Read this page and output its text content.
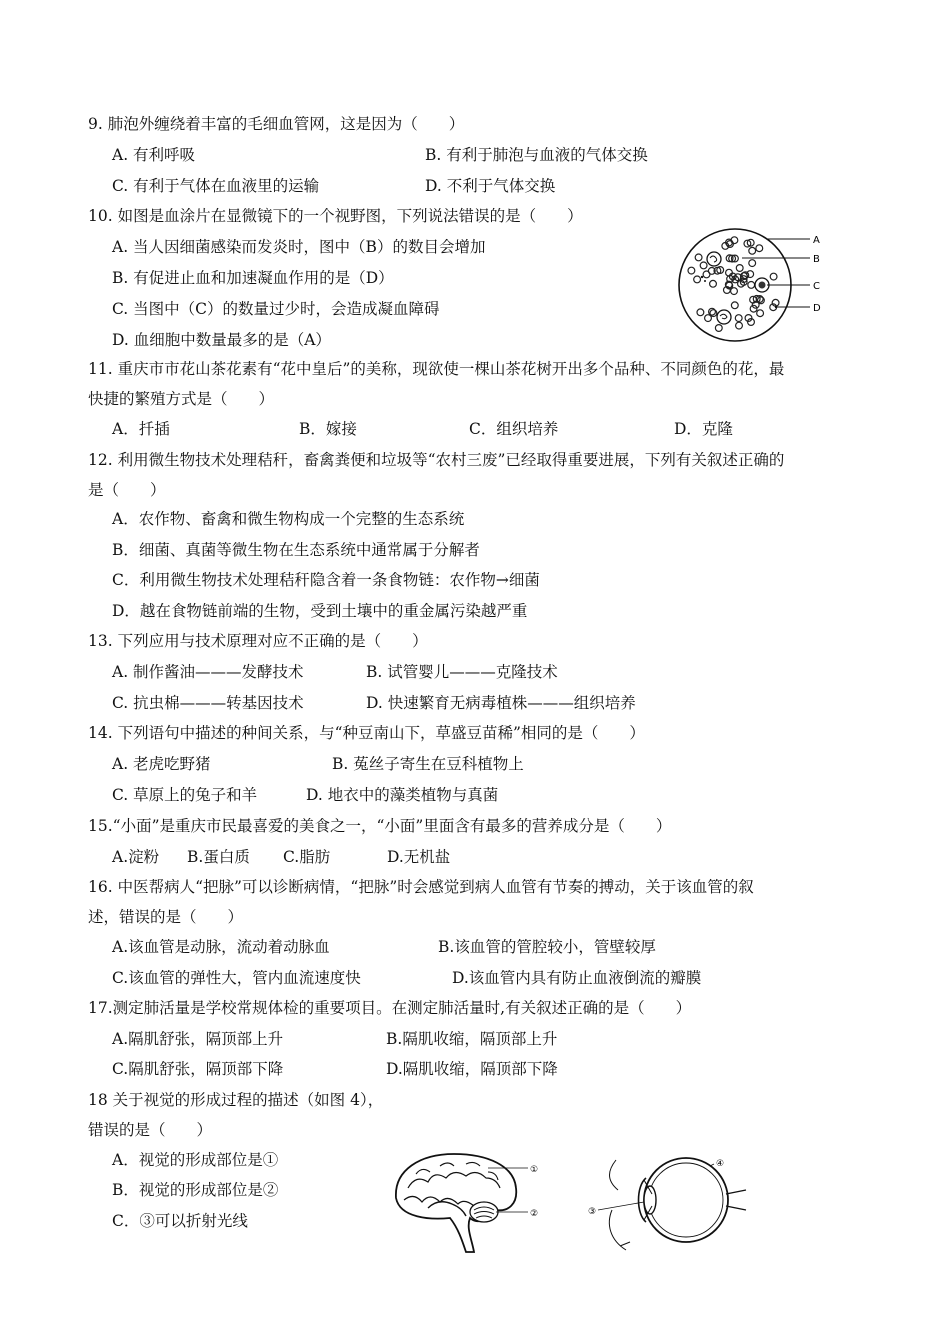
9. 肺泡外缠绕着丰富的毛细血管网，这是因为（　　）
A. 有利呼吸	B. 有利于肺泡与血液的气体交换
C. 有利于气体在血液里的运输	D. 不利于气体交换
10. 如图是血涂片在显微镜下的一个视野图，下列说法错误的是（　　）
A. 当人因细菌感染而发炎时，图中（B）的数目会增加
B. 有促进止血和加速凝血作用的是（D）
C. 当图中（C）的数量过少时，会造成凝血障碍
D. 血细胞中数量最多的是（A）
A
B
C
D
11. 重庆市市花山茶花素有“花中皇后”的美称，现欲使一棵山茶花树开出多个品种、不同颜色的花，最
快捷的繁殖方式是（　　）
A．扦插	B．嫁接	C．组织培养	D．克隆
12. 利用微生物技术处理秸秆，畜禽粪便和垃圾等“农村三废”已经取得重要进展，下列有关叙述正确的
是（　　）
A．农作物、畜禽和微生物构成一个完整的生态系统
B．细菌、真菌等微生物在生态系统中通常属于分解者
C．利用微生物技术处理秸秆隐含着一条食物链：农作物→细菌
D．越在食物链前端的生物，受到土壤中的重金属污染越严重
13. 下列应用与技术原理对应不正确的是（　　）
A. 制作酱油———发酵技术	B. 试管婴儿———克隆技术
C. 抗虫棉———转基因技术	D. 快速繁育无病毒植株———组织培养
14. 下列语句中描述的种间关系，与“种豆南山下，草盛豆苗稀”相同的是（　　）
A. 老虎吃野猪	B. 菟丝子寄生在豆科植物上
C. 草原上的兔子和羊	D. 地衣中的藻类植物与真菌
15.“小面”是重庆市民最喜爱的美食之一，“小面”里面含有最多的营养成分是（　　）
A.淀粉 B.蛋白质 C.脂肪	D.无机盐
16. 中医帮病人“把脉”可以诊断病情，“把脉”时会感觉到病人血管有节奏的搏动，关于该血管的叙
述，错误的是（　　）
A.该血管是动脉，流动着动脉血	B.该血管的管腔较小，管壁较厚
C.该血管的弹性大，管内血流速度快	D.该血管内具有防止血液倒流的瓣膜
17.测定肺活量是学校常规体检的重要项目。在测定肺活量时,有关叙述正确的是（　　）
A.隔肌舒张，隔顶部上升	B.隔肌收缩，隔顶部上升
C.隔肌舒张，隔顶部下降	D.隔肌收缩，隔顶部下降
18 关于视觉的形成过程的描述（如图 4），
错误的是（　　）
A．视觉的形成部位是①
B．视觉的形成部位是②
C．③可以折射光线
①
②	③
④
